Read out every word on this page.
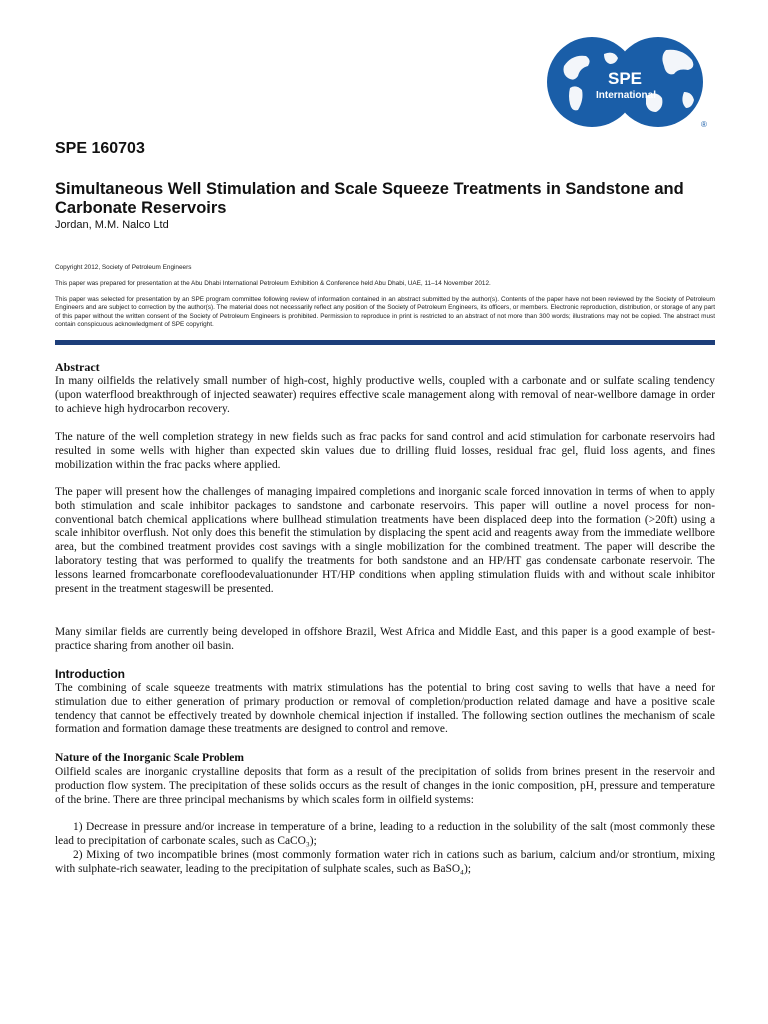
SPE
International
®
SPE 160703
Simultaneous Well Stimulation and Scale Squeeze Treatments in Sandstone and Carbonate Reservoirs
Jordan, M.M. Nalco Ltd
Copyright 2012, Society of Petroleum Engineers
This paper was prepared for presentation at the Abu Dhabi International Petroleum Exhibition & Conference held Abu Dhabi, UAE, 11–14 November 2012.
This paper was selected for presentation by an SPE program committee following review of information contained in an abstract submitted by the author(s). Contents of the paper have not been reviewed by the Society of Petroleum Engineers and are subject to correction by the author(s). The material does not necessarily reflect any position of the Society of Petroleum Engineers, its officers, or members. Electronic reproduction, distribution, or storage of any part of this paper without the written consent of the Society of Petroleum Engineers is prohibited. Permission to reproduce in print is restricted to an abstract of not more than 300 words; illustrations may not be copied. The abstract must contain conspicuous acknowledgment of SPE copyright.
Abstract

In many oilfields the relatively small number of high-cost, highly productive wells, coupled with a carbonate and or sulfate scaling tendency (upon waterflood breakthrough of injected seawater) requires effective scale management along with removal of near-wellbore damage in order to achieve high hydrocarbon recovery.

The nature of the well completion strategy in new fields such as frac packs for sand control and acid stimulation for carbonate reservoirs had resulted in some wells with higher than expected skin values due to drilling fluid losses, residual frac gel, fluid loss agents, and fines mobilization within the frac packs where applied.

The paper will present how the challenges of managing impaired completions and inorganic scale forced innovation in terms of when to apply both stimulation and scale inhibitor packages to sandstone and carbonate reservoirs. This paper will outline a novel process for non-conventional batch chemical applications where bullhead stimulation treatments have been displaced deep into the formation (>20ft) using a scale inhibitor overflush. Not only does this benefit the stimulation by displacing the spent acid and reagents away from the immediate wellbore area, but the combined treatment provides cost savings with a single mobilization for the combined treatment. The paper will describe the laboratory testing that was performed to qualify the treatments for both sandstone and an HP/HT gas condensate carbonate reservoir. The lessons learned fromcarbonate corefloodevaluationunder HT/HP conditions when appling stimulation fluids with and without scale inhibitor present in the treatment stageswill be presented.

Many similar fields are currently being developed in offshore Brazil, West Africa and Middle East, and this paper is a good example of best-practice sharing from another oil basin.

Introduction

The combining of scale squeeze treatments with matrix stimulations has the potential to bring cost saving to wells that have a need for stimulation due to either generation of primary production or removal of completion/production related damage and have a positive scale tendency that cannot be effectively treated by downhole chemical injection if installed. The following section outlines the mechanism of scale formation and formation damage these treatments are designed to control and remove.

Nature of the Inorganic Scale Problem

Oilfield scales are inorganic crystalline deposits that form as a result of the precipitation of solids from brines present in the reservoir and production flow system. The precipitation of these solids occurs as the result of changes in the ionic composition, pH, pressure and temperature of the brine. There are three principal mechanisms by which scales form in oilfield systems:

1) Decrease in pressure and/or increase in temperature of a brine, leading to a reduction in the solubility of the salt (most commonly these lead to precipitation of carbonate scales, such as CaCO₃);

2) Mixing of two incompatible brines (most commonly formation water rich in cations such as barium, calcium and/or strontium, mixing with sulphate-rich seawater, leading to the precipitation of sulphate scales, such as BaSO₄);
